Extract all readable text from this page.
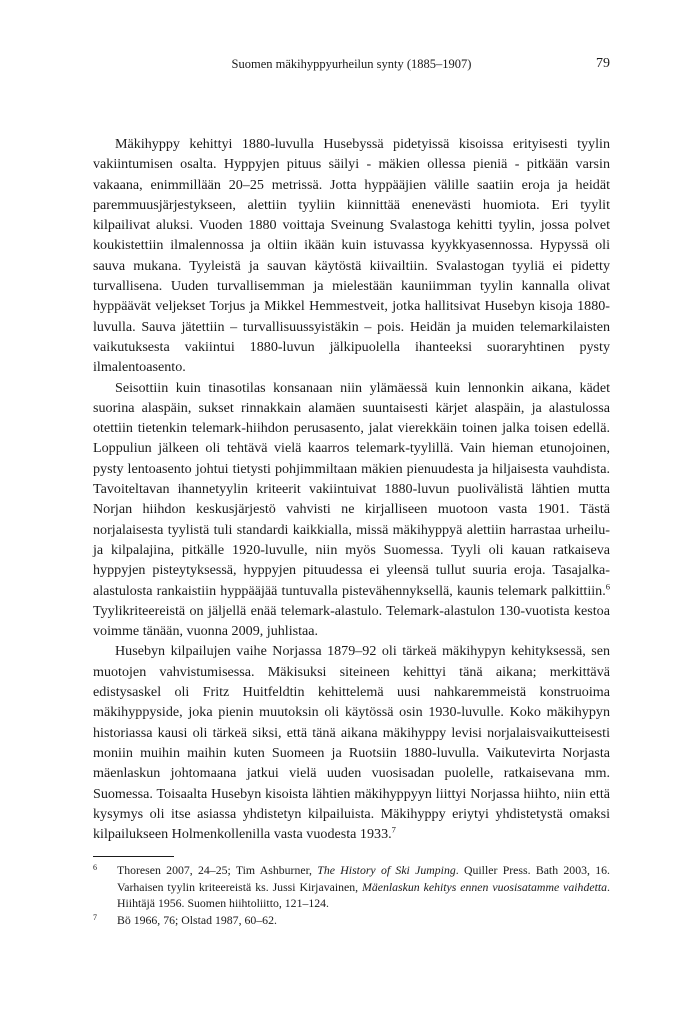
Suomen mäkihyppyurheilun synty (1885–1907)	79

Mäkihyppy kehittyi 1880-luvulla Husebyssä pidetyissä kisoissa erityisesti tyylin vakiintumisen osalta. Hyppyjen pituus säilyi - mäkien ollessa pieniä - pitkään varsin vakaana, enimmillään 20–25 metrissä. Jotta hyppääjien välille saatiin eroja ja heidät paremmuusjärjestykseen, alettiin tyyliin kiinnittää enenevästi huomiota. Eri tyylit kilpailivat aluksi. Vuoden 1880 voittaja Sveinung Svalastoga kehitti tyylin, jossa polvet koukistettiin ilmalennossa ja oltiin ikään kuin istuvassa kyykkyasennossa. Hypyssä oli sauva mukana. Tyyleistä ja sauvan käytöstä kiivailtiin. Svalastogan tyyliä ei pidetty turvallisena. Uuden turvallisemman ja mielestään kauniimman tyylin kannalla olivat hyppäävät veljekset Torjus ja Mikkel Hemmestveit, jotka hallitsivat Husebyn kisoja 1880-luvulla. Sauva jätettiin – turvallisuussyistäkin – pois. Heidän ja muiden telemarkilaisten vaikutuksesta vakiintui 1880-luvun jälkipuolella ihanteeksi suoraryhtinen pysty ilmalentoasento.

Seisottiin kuin tinasotilas konsanaan niin ylämäessä kuin lennonkin aikana, kädet suorina alaspäin, sukset rinnakkain alamäen suuntaisesti kärjet alaspäin, ja alastulossa otettiin tietenkin telemark-hiihdon perusasento, jalat vierekkäin toinen jalka toisen edellä. Loppuliun jälkeen oli tehtävä vielä kaarros telemark-tyylillä. Vain hieman etunojoinen, pysty lentoasento johtui tietysti pohjimmiltaan mäkien pienuudesta ja hiljaisesta vauhdista. Tavoiteltavan ihannetyylin kriteerit vakiintuivat 1880-luvun puolivälistä lähtien mutta Norjan hiihdon keskusjärjestö vahvisti ne kirjalliseen muotoon vasta 1901. Tästä norjalaisesta tyylistä tuli standardi kaikkialla, missä mäkihyppyä alettiin harrastaa urheilu- ja kilpalajina, pitkälle 1920-luvulle, niin myös Suomessa. Tyyli oli kauan ratkaiseva hyppyjen pisteytyksessä, hyppyjen pituudessa ei yleensä tullut suuria eroja. Tasajalka-alastulosta rankaistiin hyppääjää tuntuvalla pistevähennyksellä, kaunis telemark palkittiin.$^6$ Tyylikriteereistä on jäljellä enää telemark-alastulo. Telemark-alastulon 130-vuotista kestoa voimme tänään, vuonna 2009, juhlistaa.

Husebyn kilpailujen vaihe Norjassa 1879–92 oli tärkeä mäkihypyn kehityksessä, sen muotojen vahvistumisessa. Mäkisuksi siteineen kehittyi tänä aikana; merkittävä edistysaskel oli Fritz Huitfeldtin kehittelemä uusi nahkaremmeistä konstruoima mäkihyppyside, joka pienin muutoksin oli käytössä osin 1930-luvulle. Koko mäkihypyn historiassa kausi oli tärkeä siksi, että tänä aikana mäkihyppy levisi norjalaisvaikutteisesti moniin muihin maihin kuten Suomeen ja Ruotsiin 1880-luvulla. Vaikutevirta Norjasta mäenlaskun johtomaana jatkui vielä uuden vuosisadan puolelle, ratkaisevana mm. Suomessa. Toisaalta Husebyn kisoista lähtien mäkihyppyyn liittyi Norjassa hiihto, niin että kysymys oli itse asiassa yhdistetyn kilpailuista. Mäkihyppy eriytyi yhdistetystä omaksi kilpailukseen Holmenkollenilla vasta vuodesta 1933.$^7$

6 Thoresen 2007, 24–25; Tim Ashburner, The History of Ski Jumping. Quiller Press. Bath 2003, 16. Varhaisen tyylin kriteereistä ks. Jussi Kirjavainen, Mäenlaskun kehitys ennen vuosisatamme vaihdetta. Hiihtäjä 1956. Suomen hiihtoliitto, 121–124.

7 Bö 1966, 76; Olstad 1987, 60–62.
